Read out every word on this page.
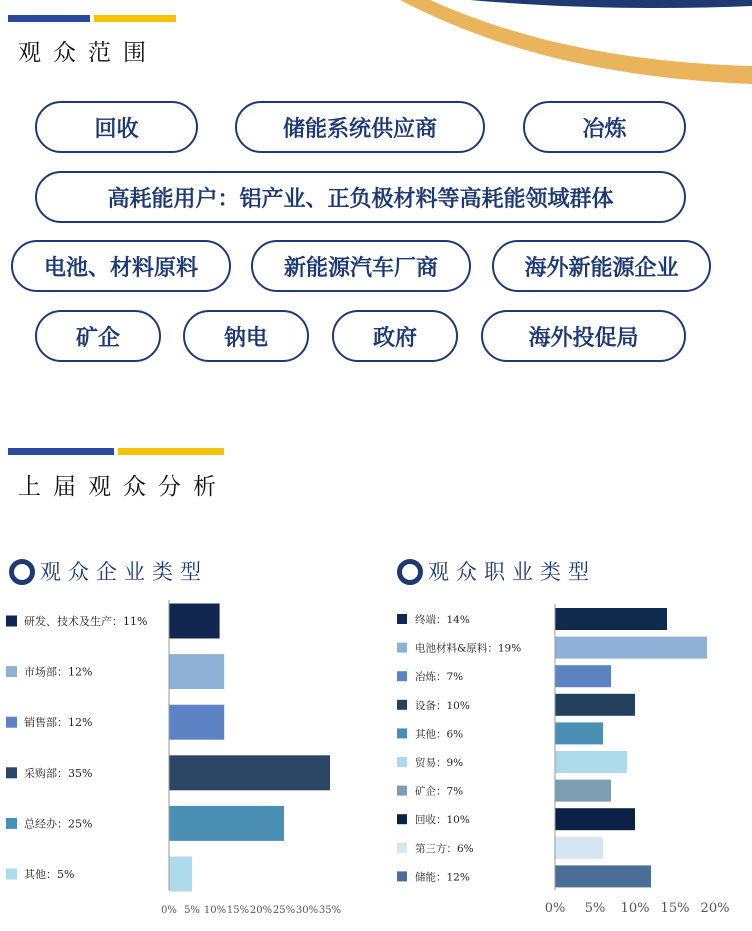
观众范围
回收	储能系统供应商	冶炼
高耗能用户：铝产业、正负极材料等高耗能领域群体
电池、材料原料	新能源汽车厂商	海外新能源企业
矿企	钠电	政府	海外投促局
上届观众分析
观众企业类型	观众职业类型
研发、技术及生产：11%
市场部：12%
销售部：12%
采购部：35%
总经办：25%
其他：5%
0% 5% 10% 15% 20% 25% 30% 35%
终端：14%
电池材料&原料：19%
冶炼：7%
设备：10%
其他：6%
贸易：9%
矿企：7%
回收：10%
第三方：6%
储能：12%
0% 5% 10% 15% 20%
